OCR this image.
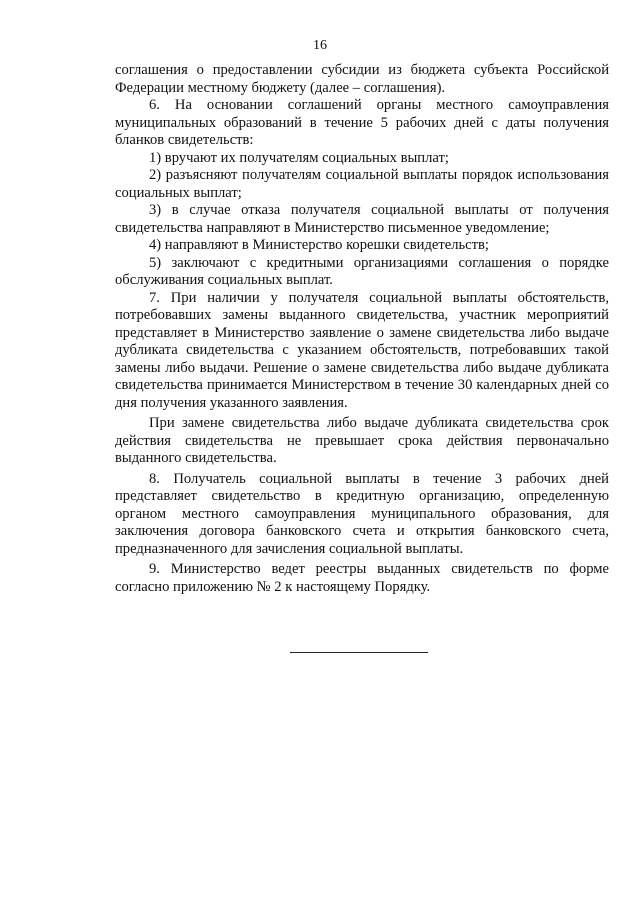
16

соглашения о предоставлении субсидии из бюджета субъекта Российской Федерации местному бюджету (далее – соглашения).

6. На основании соглашений органы местного самоуправления муниципальных образований в течение 5 рабочих дней с даты получения бланков свидетельств:

1) вручают их получателям социальных выплат;

2) разъясняют получателям социальной выплаты порядок использования социальных выплат;

3) в случае отказа получателя социальной выплаты от получения свидетельства направляют в Министерство письменное уведомление;

4) направляют в Министерство корешки свидетельств;

5) заключают с кредитными организациями соглашения о порядке обслуживания социальных выплат.

7. При наличии у получателя социальной выплаты обстоятельств, потребовавших замены выданного свидетельства, участник мероприятий представляет в Министерство заявление о замене свидетельства либо выдаче дубликата свидетельства с указанием обстоятельств, потребовавших такой замены либо выдачи. Решение о замене свидетельства либо выдаче дубликата свидетельства принимается Министерством в течение 30 календарных дней со дня получения указанного заявления.

При замене свидетельства либо выдаче дубликата свидетельства срок действия свидетельства не превышает срока действия первоначально выданного свидетельства.

8. Получатель социальной выплаты в течение 3 рабочих дней представляет свидетельство в кредитную организацию, определенную органом местного самоуправления муниципального образования, для заключения договора банковского счета и открытия банковского счета, предназначенного для зачисления социальной выплаты.

9. Министерство ведет реестры выданных свидетельств по форме согласно приложению № 2 к настоящему Порядку.
